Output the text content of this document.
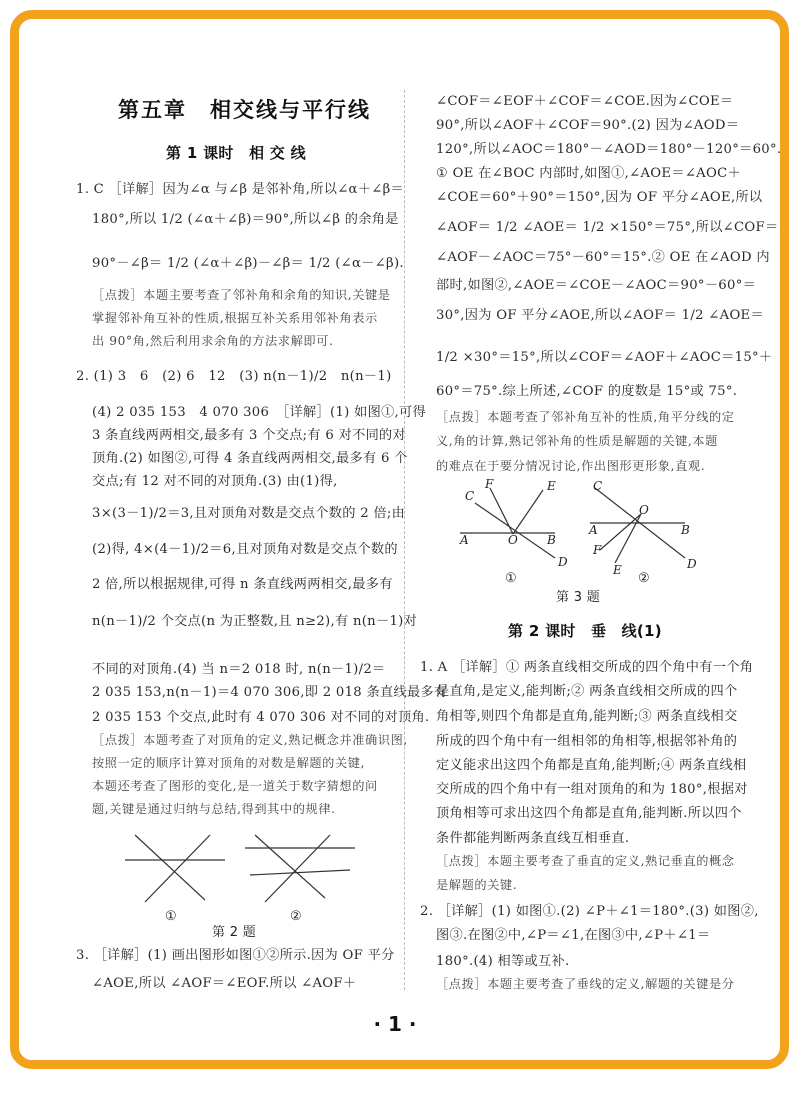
第五章　相交线与平行线
第 1 课时　相 交 线
1. C ［详解］因为∠α 与∠β 是邻补角,所以∠α＋∠β＝
180°,所以 1/2 (∠α＋∠β)＝90°,所以∠β 的余角是
90°－∠β＝ 1/2 (∠α＋∠β)－∠β＝ 1/2 (∠α－∠β).
［点拨］本题主要考查了邻补角和余角的知识,关键是
掌握邻补角互补的性质,根据互补关系用邻补角表示
出 90°角,然后利用求余角的方法求解即可.
2. (1) 3　6　(2) 6　12　(3) n(n－1)/2　n(n－1)
(4) 2 035 153　4 070 306　［详解］(1) 如图①,可得
3 条直线两两相交,最多有 3 个交点;有 6 对不同的对
顶角.(2) 如图②,可得 4 条直线两两相交,最多有 6 个
交点;有 12 对不同的对顶角.(3) 由(1)得,
3×(3－1)/2＝3,且对顶角对数是交点个数的 2 倍;由
(2)得, 4×(4－1)/2＝6,且对顶角对数是交点个数的
2 倍,所以根据规律,可得 n 条直线两两相交,最多有
n(n－1)/2 个交点(n 为正整数,且 n≥2),有 n(n－1)对
不同的对顶角.(4) 当 n＝2 018 时, n(n－1)/2＝
2 035 153,n(n－1)＝4 070 306,即 2 018 条直线最多有
2 035 153 个交点,此时有 4 070 306 对不同的对顶角.
［点拨］本题考查了对顶角的定义,熟记概念并准确识图,
按照一定的顺序计算对顶角的对数是解题的关键,
本题还考查了图形的变化,是一道关于数字猜想的问
题,关键是通过归纳与总结,得到其中的规律.
3. ［详解］(1) 画出图形如图①②所示.因为 OF 平分
∠AOE,所以 ∠AOF＝∠EOF.所以 ∠AOF＋
∠COF＝∠EOF＋∠COF＝∠COE.因为∠COE＝
90°,所以∠AOF＋∠COF＝90°.(2) 因为∠AOD＝
120°,所以∠AOC＝180°－∠AOD＝180°－120°＝60°.
① OE 在∠BOC 内部时,如图①,∠AOE＝∠AOC＋
∠COE＝60°＋90°＝150°,因为 OF 平分∠AOE,所以
∠AOF＝ 1/2 ∠AOE＝ 1/2 ×150°＝75°,所以∠COF＝
∠AOF－∠AOC＝75°－60°＝15°.② OE 在∠AOD 内
部时,如图②,∠AOE＝∠COE－∠AOC＝90°－60°＝
30°,因为 OF 平分∠AOE,所以∠AOF＝ 1/2 ∠AOE＝
1/2 ×30°＝15°,所以∠COF＝∠AOF＋∠AOC＝15°＋
60°＝75°.综上所述,∠COF 的度数是 15°或 75°.
［点拨］本题考查了邻补角互补的性质,角平分线的定
义,角的计算,熟记邻补角的性质是解题的关键,本题
的难点在于要分情况讨论,作出图形更形象,直观.
1. A ［详解］① 两条直线相交所成的四个角中有一个角
是直角,是定义,能判断;② 两条直线相交所成的四个
角相等,则四个角都是直角,能判断;③ 两条直线相交
所成的四个角中有一组相邻的角相等,根据邻补角的
定义能求出这四个角都是直角,能判断;④ 两条直线相
交所成的四个角中有一组对顶角的和为 180°,根据对
顶角相等可求出这四个角都是直角,能判断.所以四个
条件都能判断两条直线互相垂直.
［点拨］本题主要考查了垂直的定义,熟记垂直的概念
是解题的关键.
2. ［详解］(1) 如图①.(2) ∠P＋∠1＝180°.(3) 如图②,
图③.在图②中,∠P＝∠1,在图③中,∠P＋∠1＝
180°.(4) 相等或互补.
［点拨］本题主要考查了垂线的定义,解题的关键是分
①	②
第 2 题
C
F	E
A	O B
D
C
A
O
B
F
E	D
①	②
第 3 题
第 2 课时　垂　线(1)
· 1 ·
